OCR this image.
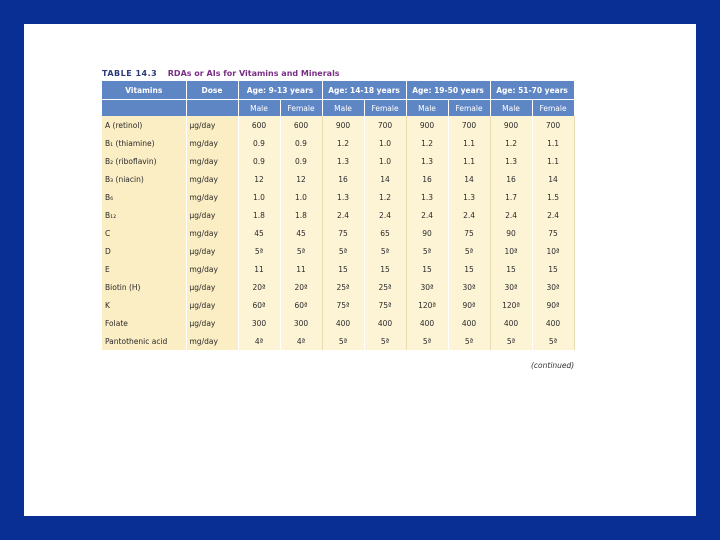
TABLE 14.3 RDAs or AIs for Vitamins and Minerals
Vitamins	Dose	Age: 9-13 years		Age: 14-18 years		Age: 19-50 years		Age: 51-70 years	
		Male	Female	Male	Female	Male	Female	Male	Female
A (retinol)	μg/day	600	600	900	700	900	700	900	700
B₁ (thiamine)	mg/day	0.9	0.9	1.2	1.0	1.2	1.1	1.2	1.1
B₂ (riboflavin)	mg/day	0.9	0.9	1.3	1.0	1.3	1.1	1.3	1.1
B₃ (niacin)	mg/day	12	12	16	14	16	14	16	14
B₆	mg/day	1.0	1.0	1.3	1.2	1.3	1.3	1.7	1.5
B₁₂	μg/day	1.8	1.8	2.4	2.4	2.4	2.4	2.4	2.4
C	mg/day	45	45	75	65	90	75	90	75
D	μg/day	5ª	5ª	5ª	5ª	5ª	5ª	10ª	10ª
E	mg/day	11	11	15	15	15	15	15	15
Biotin (H)	μg/day	20ª	20ª	25ª	25ª	30ª	30ª	30ª	30ª
K	μg/day	60ª	60ª	75ª	75ª	120ª	90ª	120ª	90ª
Folate	μg/day	300	300	400	400	400	400	400	400
Pantothenic acid	mg/day	4ª	4ª	5ª	5ª	5ª	5ª	5ª	5ª
(continued)
